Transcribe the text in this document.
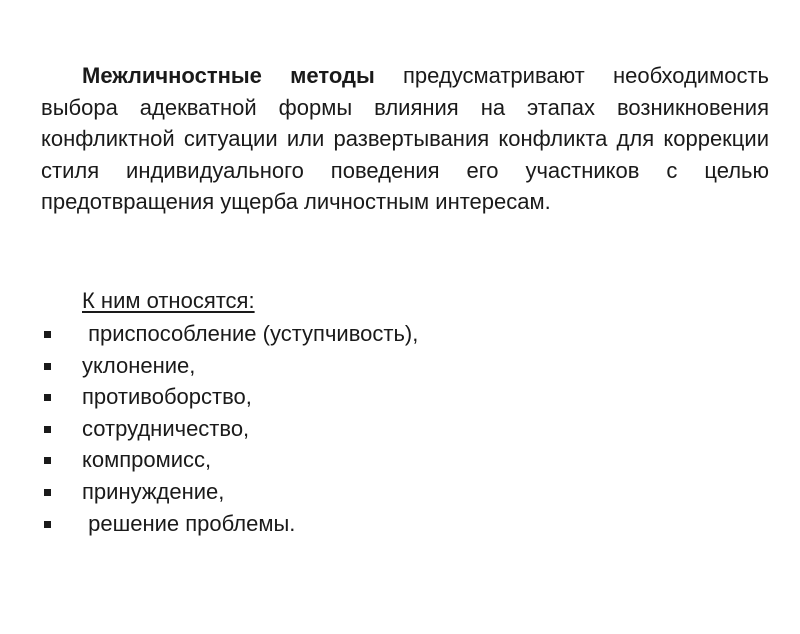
Межличностные методы предусматривают необходимость выбора адекватной формы влияния на этапах возникновения конфликтной ситуации или развертывания конфликта для коррекции стиля индивидуального поведения его участников с целью предотвращения ущерба личностным интересам.

К ним относятся:

приспособление (уступчивость),

уклонение,

противоборство,

сотрудничество,

компромисс,

принуждение,

решение проблемы.
